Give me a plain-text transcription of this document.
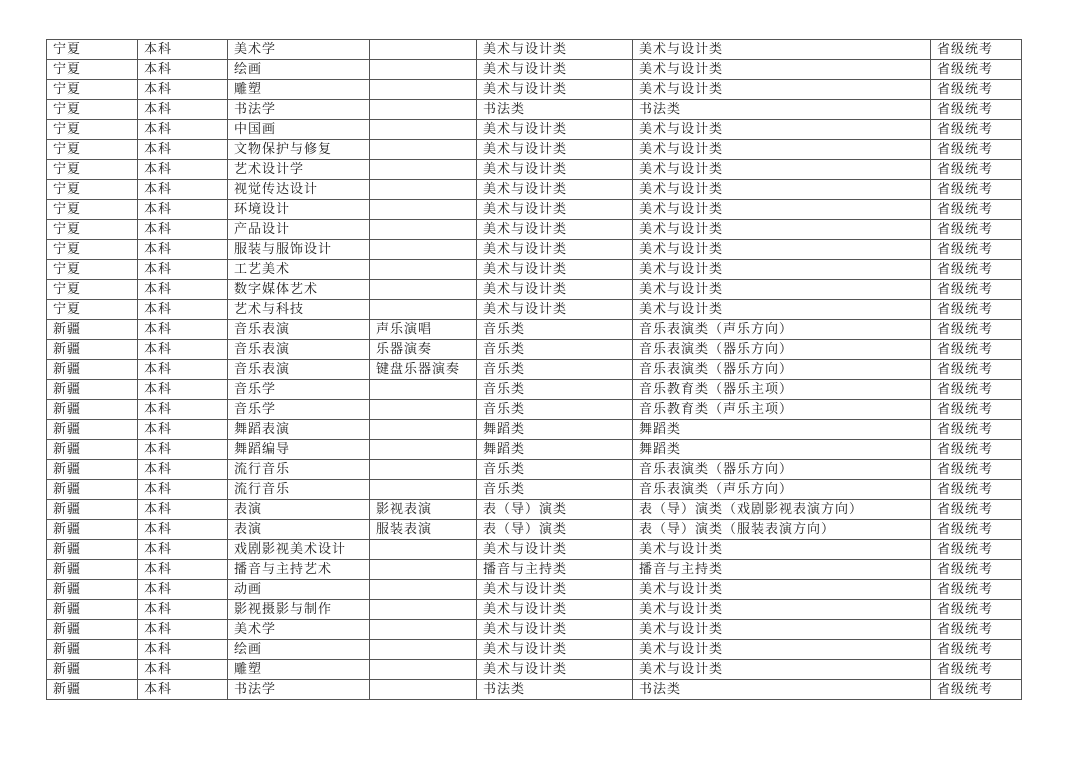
宁夏	本科	美术学		美术与设计类	美术与设计类	省级统考
宁夏	本科	绘画		美术与设计类	美术与设计类	省级统考
宁夏	本科	雕塑		美术与设计类	美术与设计类	省级统考
宁夏	本科	书法学		书法类	书法类	省级统考
宁夏	本科	中国画		美术与设计类	美术与设计类	省级统考
宁夏	本科	文物保护与修复		美术与设计类	美术与设计类	省级统考
宁夏	本科	艺术设计学		美术与设计类	美术与设计类	省级统考
宁夏	本科	视觉传达设计		美术与设计类	美术与设计类	省级统考
宁夏	本科	环境设计		美术与设计类	美术与设计类	省级统考
宁夏	本科	产品设计		美术与设计类	美术与设计类	省级统考
宁夏	本科	服装与服饰设计		美术与设计类	美术与设计类	省级统考
宁夏	本科	工艺美术		美术与设计类	美术与设计类	省级统考
宁夏	本科	数字媒体艺术		美术与设计类	美术与设计类	省级统考
宁夏	本科	艺术与科技		美术与设计类	美术与设计类	省级统考
新疆	本科	音乐表演	声乐演唱	音乐类	音乐表演类（声乐方向）	省级统考
新疆	本科	音乐表演	乐器演奏	音乐类	音乐表演类（器乐方向）	省级统考
新疆	本科	音乐表演	键盘乐器演奏	音乐类	音乐表演类（器乐方向）	省级统考
新疆	本科	音乐学		音乐类	音乐教育类（器乐主项）	省级统考
新疆	本科	音乐学		音乐类	音乐教育类（声乐主项）	省级统考
新疆	本科	舞蹈表演		舞蹈类	舞蹈类	省级统考
新疆	本科	舞蹈编导		舞蹈类	舞蹈类	省级统考
新疆	本科	流行音乐		音乐类	音乐表演类（器乐方向）	省级统考
新疆	本科	流行音乐		音乐类	音乐表演类（声乐方向）	省级统考
新疆	本科	表演	影视表演	表（导）演类	表（导）演类（戏剧影视表演方向）	省级统考
新疆	本科	表演	服装表演	表（导）演类	表（导）演类（服装表演方向）	省级统考
新疆	本科	戏剧影视美术设计		美术与设计类	美术与设计类	省级统考
新疆	本科	播音与主持艺术		播音与主持类	播音与主持类	省级统考
新疆	本科	动画		美术与设计类	美术与设计类	省级统考
新疆	本科	影视摄影与制作		美术与设计类	美术与设计类	省级统考
新疆	本科	美术学		美术与设计类	美术与设计类	省级统考
新疆	本科	绘画		美术与设计类	美术与设计类	省级统考
新疆	本科	雕塑		美术与设计类	美术与设计类	省级统考
新疆	本科	书法学		书法类	书法类	省级统考
